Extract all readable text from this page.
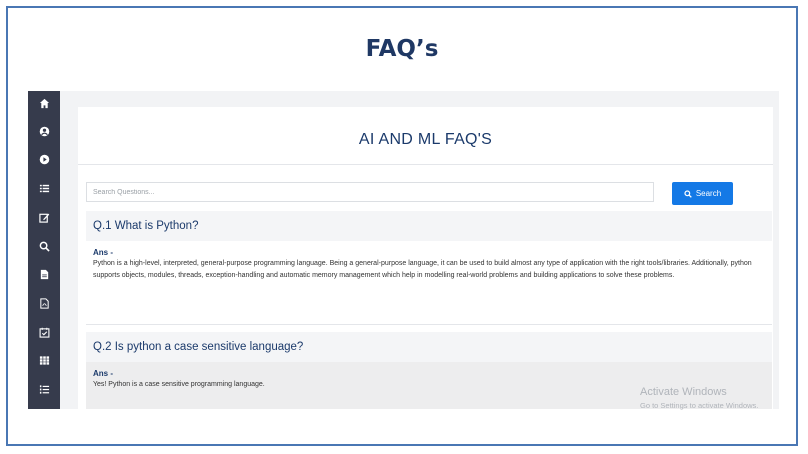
FAQ’s
AI AND ML FAQ'S
Search Questions...
Search
Q.1 What is Python?
Ans -
Python is a high-level, interpreted, general-purpose programming language. Being a general-purpose language, it can be used to build almost any type of application with the right tools/libraries. Additionally, python supports objects, modules, threads, exception-handling and automatic memory management which help in modelling real-world problems and building applications to solve these problems.
Q.2 Is python a case sensitive language?
Ans -
Yes! Python is a case sensitive programming language.
Activate Windows
Go to Settings to activate Windows.
